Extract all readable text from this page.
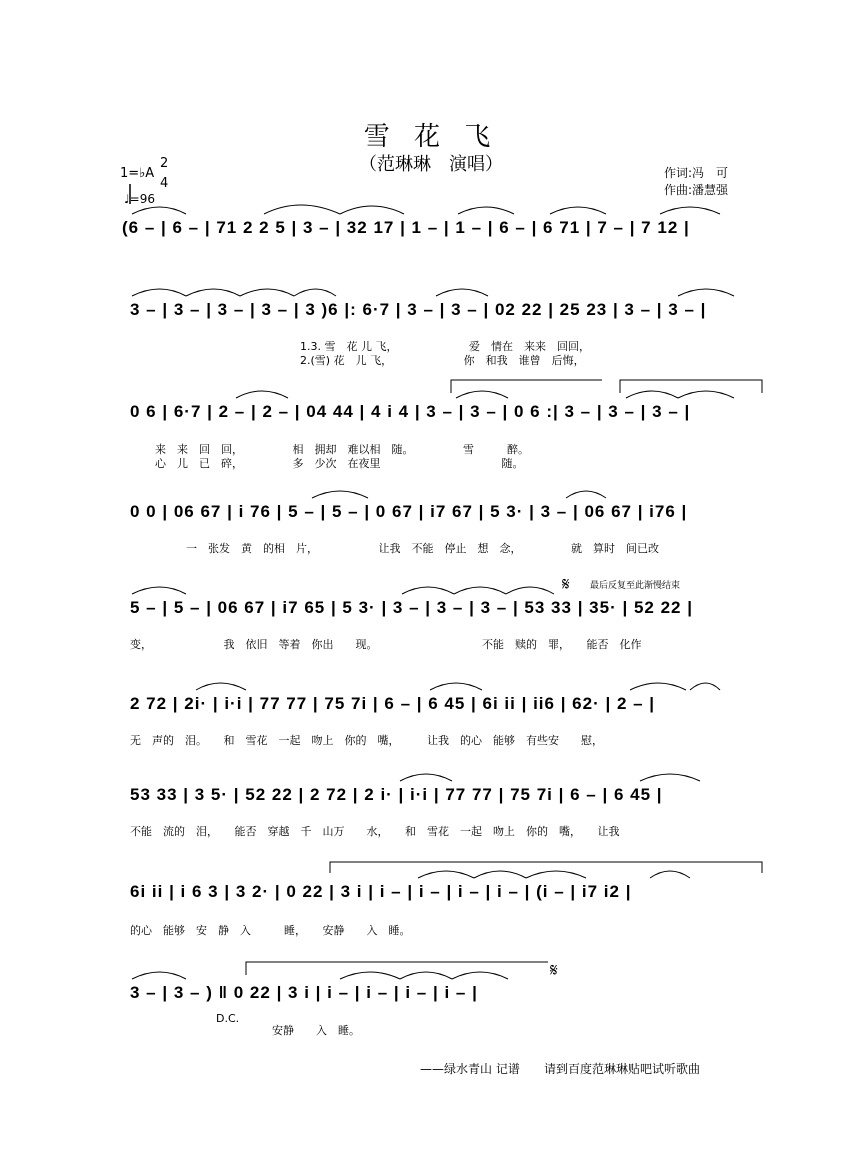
雪 花 飞
（范琳琳　演唱）	作词:冯　可
作曲:潘慧强
1=♭A
2
4
♩=96
(6 – | 6 – | 71 2 2 5 | 3 – | 32 17 | 1 – | 1 – | 6 – | 6 71 | 7 – | 7 12 |
3 – | 3 – | 3 – | 3 – | 3 )6 |: 6·7 | 3 – | 3 – | 02 22 | 25 23 | 3 – | 3 – |
1.3. 雪　花 儿 飞，　　　　　　　爱　情在　来来　回回，
2.(雪) 花　儿 飞，　　　　　　　你　和我　谁曾　后悔，
0 6 | 6·7 | 2 – | 2 – | 04 44 | 4 i 4 | 3 – | 3 – | 0 6 :| 3 – | 3 – | 3 – |
来　来　回　回，　　　　　相　拥却　难以相　随。　　　　　雪　　　醉。
心　儿　已　碎，　　　　　多　少次　在夜里　　　　　　　　　　　随。
0 0 | 06 67 | i 76 | 5 – | 5 – | 0 67 | i7 67 | 5 3· | 3 – | 06 67 | i76 |
一　张发　黄　的相　片，　　　　　　让我　不能　停止　想　念，　　　　　就　算时　间已改
最后反复至此渐慢结束
5 – | 5 – | 06 67 | i7 65 | 5 3· | 3 – | 3 – | 3 – | 53 33 | 35· | 52 22 |
变，　　　　　　　我　依旧　等着　你出　　现。　　　　　　　　　　不能　赎的　罪，　　能否　化作
2 72 | 2i· | i·i | 77 77 | 75 7i | 6 – | 6 45 | 6i ii | ii6 | 62· | 2 – |
无　声的　泪。　　和　雪花　一起　吻上　你的　嘴，　　　让我　的心　能够　有些安　　慰，
53 33 | 3 5· | 52 22 | 2 72 | 2 i· | i·i | 77 77 | 75 7i | 6 – | 6 45 |
不能　流的　泪，　　能否　穿越　千　山万　　水，　　和　雪花　一起　吻上　你的　嘴，　　让我
6i ii | i 6 3 | 3 2· | 0 22 | 3 i | i – | i – | i – | i – | (i – | i7 i2 |
的心　能够　安　静　入　　　睡，　　安静　　入　睡。
3 – | 3 – ) ‖ 0 22 | 3 i | i – | i – | i – | i – |
D.C.
安静　　入　睡。
——绿水青山 记谱 请到百度范琳琳贴吧试听歌曲
𝄋
𝄋
